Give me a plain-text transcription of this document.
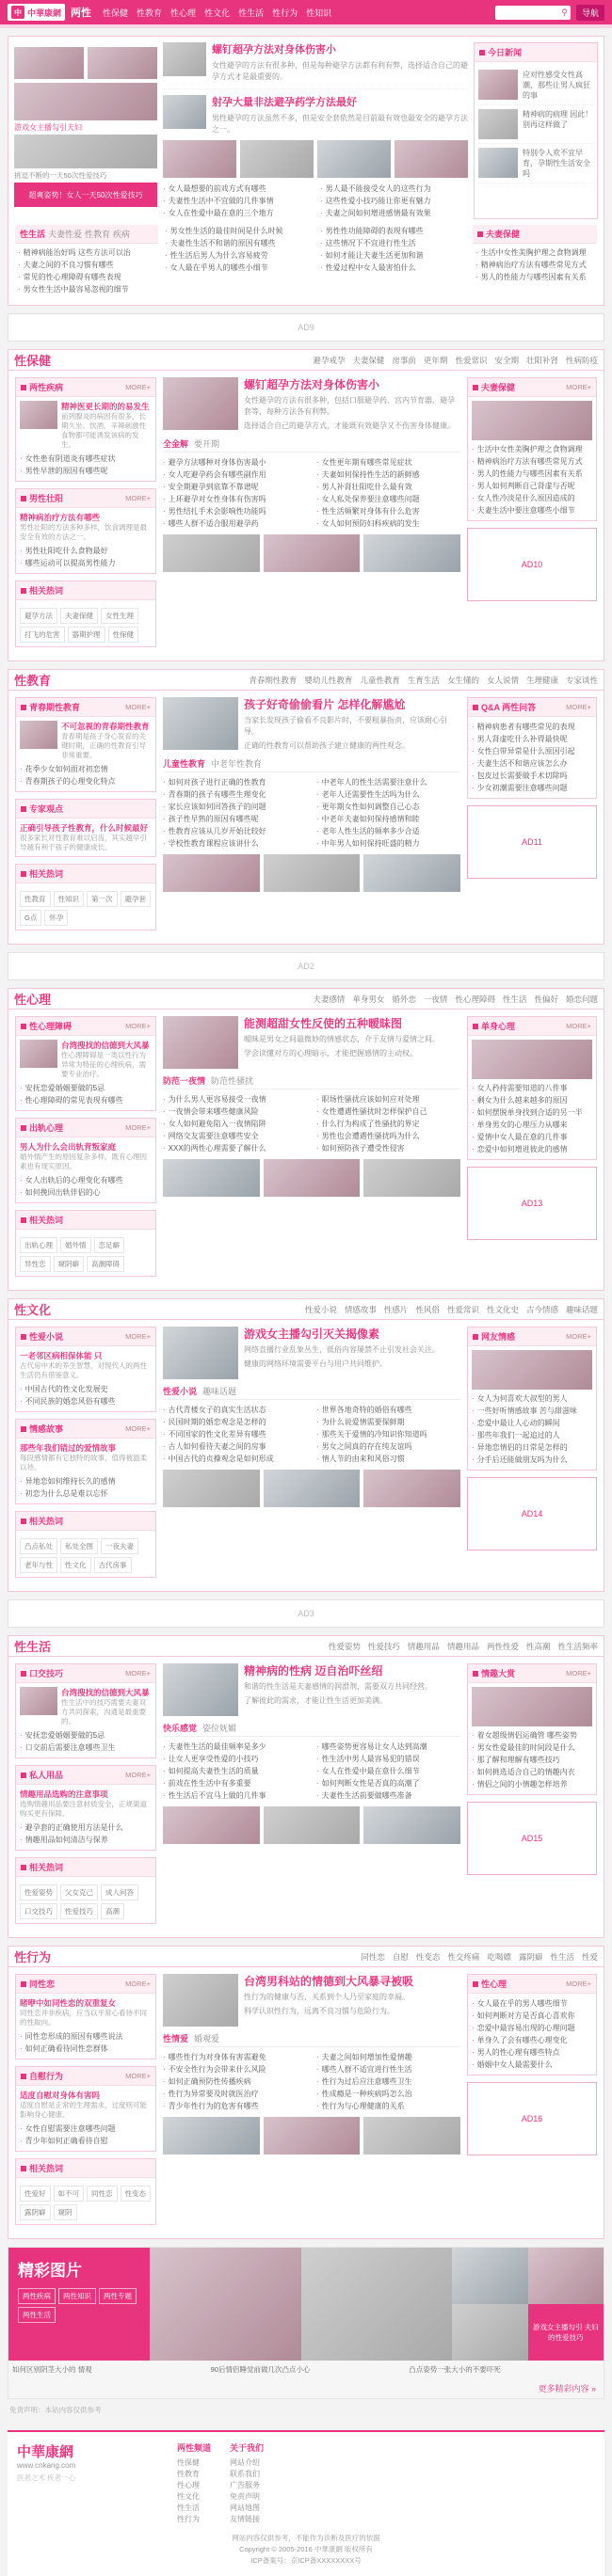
中 中華康網 两性 性保健 性教育 性心理 性文化 性生活 性行为 性知识	⚲	导航
游戏女主播勾引夫妇
挑逗不断的一天50次性爱技巧
超爽姿势！女人一天50次性爱技巧
螺钉超孕方法对身体伤害小
女性避孕的方法有很多种，但是每种避孕方法都有利有弊，选择适合自己的避孕方式才是最重要的。
射孕大量非法避孕药学方法最好
男性避孕的方法虽然不多，但是安全套依然是目前最有效也最安全的避孕方法之一。
· 女人最想要的前戏方式有哪些
· 夫妻性生活中不宜做的几件事情
· 女人在性爱中最在意的三个地方
· 男人最不能接受女人的这些行为
· 这些性爱小技巧能让你更有魅力
· 夫妻之间如何增进感情最有效果
今日新闻
应对性感受女性高潮，那些让男人疯狂的事
精神病的病理 因此！别再这样做了
特别令人欢不宜早育，孕期性生活安全吗
性生活 夫妻性爱 性教育 疾病
· 精神病能治好吗 这些方法可以治
· 夫妻之间的不良习惯有哪些
· 常见的性心理障碍有哪些表现
· 男女性生活中最容易忽视的细节
· 男女性生活的最佳时间是什么时候
· 夫妻性生活不和谐的原因有哪些
· 性生活后男人为什么容易疲劳
· 女人最在乎男人的哪些小细节
· 男性性功能障碍的表现有哪些
· 这些情况下不宜进行性生活
· 如何才能让夫妻生活更加和谐
· 性爱过程中女人最害怕什么
夫妻保健
· 生活中女性美胸护理之食物调理
· 精神病治疗方法有哪些常见方式
· 男人的性能力与哪些因素有关系
AD9
性保健	避孕戒孕 夫妻保健 房事前 更年期 性爱常识 安全期 壮阳补肾 性病防疫
两性疾病	MORE+
精神医更长期的的易发生
前列腺炎的病因有很多，长期久坐、饮酒、辛辣刺激性食物都可能诱发该病的发生。
· 女性患有阴道炎有哪些症状
· 男性早泄的原因有哪些呢
男性壮阳	MORE+
精神病治疗方法有哪些
男性壮阳的方法多种多样，饮食调理是最安全有效的方法之一。
· 男性壮阳吃什么食物最好
· 哪些运动可以提高男性能力
相关热词
避孕方法	夫妻保健	女性生理
打飞的危害	器期护理	性保健
螺钉超孕方法对身体伤害小
女性避孕的方法有很多种，包括口服避孕药、宫内节育器、避孕套等，每种方法各有利弊。
选择适合自己的避孕方式，才能既有效避孕又不伤害身体健康。
全金解 要开期
· 避孕方法哪种对身体伤害最小
· 女人吃避孕药会有哪些副作用
· 安全期避孕到底靠不靠谱呢
· 上环避孕对女性身体有伤害吗
· 男性结扎手术会影响性功能吗
· 哪些人群不适合服用避孕药
· 女性更年期有哪些常见症状
· 夫妻如何保持性生活的新鲜感
· 男人补肾壮阳吃什么最有效
· 女人私处保养要注意哪些问题
· 性生活频繁对身体有什么危害
· 女人如何预防妇科疾病的发生
夫妻保健	MORE+
· 生活中女性美胸护理之食物调理
· 精神病治疗方法有哪些常见方式
· 男人的性能力与哪些因素有关系
· 男人如何判断自己肾虚与否呢
· 女人性冷淡是什么原因造成的
· 夫妻生活中要注意哪些小细节
AD10
性教育	青春期性教育 婴幼儿性教育 儿童性教育 生育生活 女生懂的 女人说情 生理健康 专家谈性
青春期性教育	MORE+
不可忽视的青春期性教育
青春期是孩子身心发育的关键时期，正确的性教育引导非常重要。
· 花季少女如何面对初恋情
· 青春期孩子的心理变化特点
专家观点
正确引导孩子性教育，什么时候最好
很多家长对性教育难以启齿，其实越早引导越有利于孩子的健康成长。
相关热词
性教育	性知识	第一次	避孕套
G点	怀孕
孩子好奇偷偷看片 怎样化解尴尬
当家长发现孩子偷看不良影片时，不要粗暴指责，应该耐心引导。
正确的性教育可以帮助孩子建立健康的两性观念。
儿童性教育 中老年性教育
· 如何对孩子进行正确的性教育
· 青春期的孩子有哪些生理变化
· 家长应该如何回答孩子的问题
· 孩子性早熟的原因有哪些呢
· 性教育应该从几岁开始比较好
· 学校性教育课程应该讲什么
· 中老年人的性生活需要注意什么
· 老年人还需要性生活吗为什么
· 更年期女性如何调整自己心态
· 中老年夫妻如何保持感情和睦
· 老年人性生活的频率多少合适
· 中年男人如何保持旺盛的精力
Q&A 两性问答	MORE+
· 精神病患者有哪些常见的表现
· 男人肾虚吃什么补得最快呢
· 女性白带异常是什么原因引起
· 夫妻生活不和谐应该怎么办
· 包皮过长需要做手术切除吗
· 少女初潮需要注意哪些问题
AD11
AD2
性心理	夫妻感情 单身男女 婚外恋 一夜情 性心理障碍 性生活 性偏好 婚恋问题
性心理障碍	MORE+
台湾搜找的信德到大风暴
性心理障碍是一类以性行为异常为特征的心理疾病，需要专业治疗。
· 安抚恋爱婚姻要做的5忌
· 性心理障碍的常见表现有哪些
出轨心理	MORE+
男人为什么会出轨背叛家庭
婚外情产生的原因复杂多样，既有心理因素也有现实原因。
· 女人出轨后的心理变化有哪些
· 如何挽回出轨伴侣的心
相关热词
出轨心理	婚外情	恋足癖
异性恋	窥阴癖	高潮障碍
能测超甜女性反使的五种暧昧图
暧昧是男女之间最微妙的情感状态，介于友情与爱情之间。
学会读懂对方的心理暗示，才能把握感情的主动权。
防范一夜情 防范性骚扰
· 为什么男人更容易接受一夜情
· 一夜情会带来哪些健康风险
· 女人如何避免陷入一夜情陷阱
· 网络交友需要注意哪些安全
· XXX的两性心理需要了解什么
· 职场性骚扰应该如何应对处理
· 女性遭遇性骚扰时怎样保护自己
· 什么行为构成了性骚扰的界定
· 男性也会遭遇性骚扰吗为什么
· 如何预防孩子遭受性侵害
单身心理	MORE+
· 女人矜持需要知道的八件事
· 剩女为什么越来越多的原因
· 如何摆脱单身找到合适的另一半
· 单身男女的心理压力从哪来
· 爱情中女人最在意的几件事
· 恋爱中如何增进彼此的感情
AD13
性文化	性爱小说 情感故事 性感片 性风俗 性爱常识 性文化史 古今情感 趣味话题
性爱小说	MORE+
一老邻区病相保体能 只
古代房中术的养生智慧，对现代人的两性生活仍有借鉴意义。
· 中国古代的性文化发展史
· 不同民族的婚恋风俗有哪些
情感故事	MORE+
那些年我们错过的爱情故事
每段感情都有它独特的故事，值得被温柔以待。
· 异地恋如何维持长久的感情
· 初恋为什么总是难以忘怀
相关热词
凸点私处	私处全图	一夜夫妻
老年与性	性文化	古代房事
游戏女主播勾引灭关揭像素
网络直播行业乱象丛生，低俗内容屡禁不止引发社会关注。
健康的网络环境需要平台与用户共同维护。
性爱小说 趣味话题
· 古代青楼女子的真实生活状态
· 民国时期的婚恋观念是怎样的
· 不同国家的性文化差异有哪些
· 古人如何看待夫妻之间的房事
· 中国古代的贞操观念是如何形成
· 世界各地奇特的婚俗有哪些
· 为什么说爱情需要保鲜期
· 那些关于爱情的冷知识你知道吗
· 男女之间真的存在纯友谊吗
· 情人节的由来和风俗习惯
网友情感	MORE+
· 女人为何喜欢大叔型的男人
· 一些好听情感故事 苦与甜滋味
· 恋爱中最让人心动的瞬间
· 那些年我们一起追过的人
· 异地恋情侣的日常是怎样的
· 分手后还能做朋友吗为什么
AD14
AD3
性生活	性爱姿势 性爱技巧 情趣用品 情趣用品 两性性爱 性高潮 性生活频率
口交技巧	MORE+
台湾搜找的信德到大风暴
性生活中的技巧需要夫妻双方共同探索，沟通是最重要的。
· 安抚恋爱婚姻要做的5忌
· 口交前后需要注意哪些卫生
私人用品	MORE+
情趣用品选购的注意事项
选购情趣用品要注意材质安全，正规渠道购买更有保障。
· 避孕套的正确使用方法是什么
· 情趣用品如何清洁与保养
相关热词
性爱姿势	父女克己	成人问答
口交技巧	性爱技巧	高潮
精神病的性病 迈自治吓丝绍
和谐的性生活是夫妻感情的润滑剂，需要双方共同经营。
了解彼此的需求，才能让性生活更加美满。
快乐感觉 姿位妩媚
· 夫妻性生活的最佳频率是多少
· 让女人更享受性爱的小技巧
· 如何提高夫妻性生活的质量
· 前戏在性生活中有多重要
· 性生活后不宜马上做的几件事
· 哪些姿势更容易让女人达到高潮
· 性生活中男人最容易犯的错误
· 女人在性爱中最在意什么细节
· 如何判断女性是否真的高潮了
· 夫妻性生活前要做哪些准备
情趣大赏	MORE+
· 着女超级情侣运确管 哪些姿势
· 男女性爱最佳的时间段是什么
· 那了解和理解有哪些技巧
· 如何挑选适合自己的情趣内衣
· 情侣之间的小情趣怎样培养
AD15
性行为	同性恋 自慰 性变态 性交疼痛 吃喝嫖 露阴癖 性生活 性爱
同性恋	MORE+
睹咿中如同性恋的双重复女
同性恋并非疾病，应当以平常心看待不同的性取向。
· 同性恋形成的原因有哪些说法
· 如何正确看待同性恋群体
自慰行为	MORE+
适度自慰对身体有害吗
适度自慰是正常的生理需求，过度则可能影响身心健康。
· 女性自慰需要注意哪些问题
· 青少年如何正确看待自慰
相关热词
性爱好	如不可	同性恋	性变态
露阴癖	窥阴
台湾男科站的情德到大风暴寻被吸
性行为的健康与否，关系到个人乃至家庭的幸福。
科学认识性行为，远离不良习惯与危险行为。
性情爱 婚观爱
· 哪些性行为对身体有害需避免
· 不安全性行为会带来什么风险
· 如何正确预防性传播疾病
· 性行为异常要及时就医治疗
· 青少年性行为的危害有哪些
· 夫妻之间如何增加性爱情趣
· 哪些人群不适宜进行性生活
· 性行为过后应注意哪些卫生
· 性成瘾是一种疾病吗怎么治
· 性行为与心理健康的关系
性心理	MORE+
· 女人最在乎的男人哪些细节
· 如何判断对方是否真心喜欢你
· 恋爱中最容易出现的心理问题
· 单身久了会有哪些心理变化
· 男人的性心理有哪些特点
· 婚姻中女人最需要什么
AD16
精彩图片
两性疾病	两性知识	两性专题
两性生活
游戏女主播勾引 夫妇的性爱技巧
如何区别阴茎大小的 情观	90后情侣睡觉前做几次凸点小心	凸点姿势一张大小的不要吓死
更多精彩内容 »
免责声明：本站内容仅供参考
中華康網
www.cnkang.com
医者之术 疾者一心
两性频道
性保健
性教育
性心理
性文化
性生活
性行为
关于我们
网站介绍
联系我们
广告服务
免责声明
网站地图
友情链接
网站内容仅供参考，不能作为诊断及医疗的依据
Copyright © 2005-2016 中華康網 版权所有
ICP备案号：京ICP备XXXXXXXX号
